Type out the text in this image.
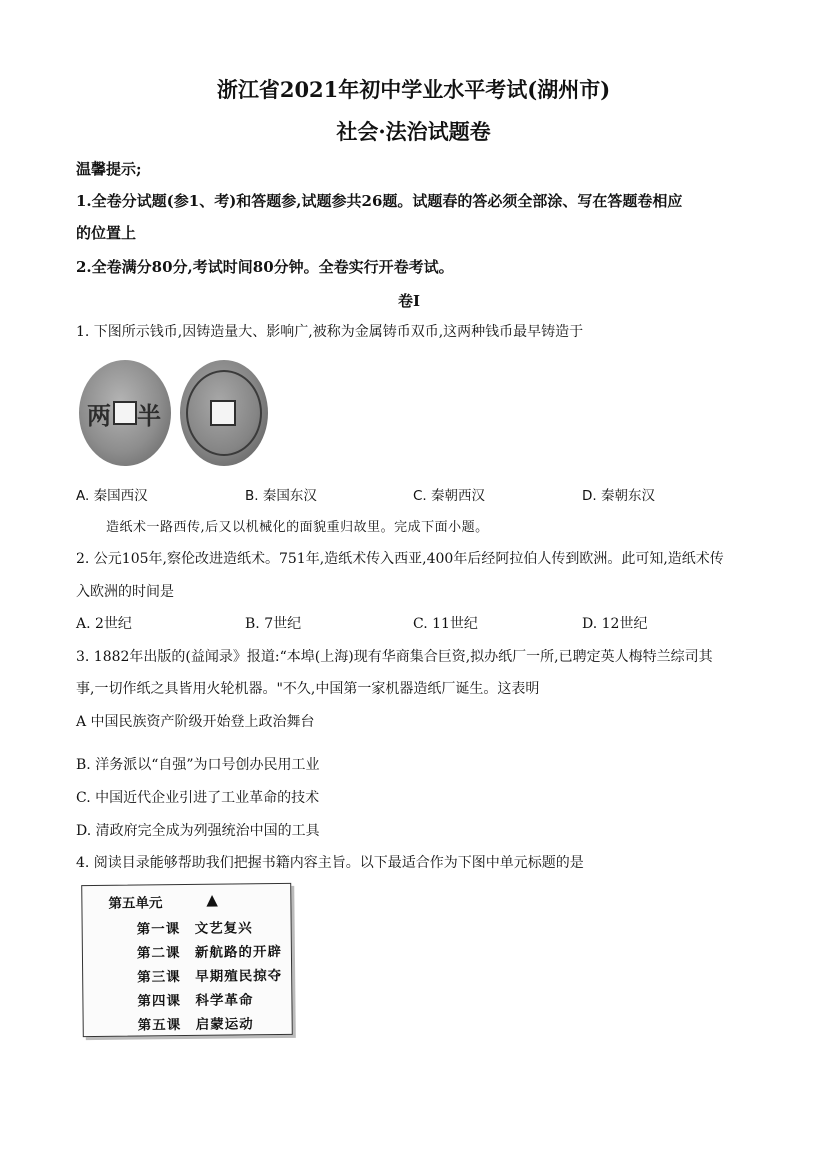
浙江省2021年初中学业水平考试(湖州市)
社会·法治试题卷
温馨提示;
1.全卷分试题(参1、考)和答题参,试题参共26题。试题春的答必须全部涂、写在答题卷相应
的位置上
2.全卷满分80分,考试时间80分钟。全卷实行开卷考试。
卷Ⅰ
1. 下图所示钱币,因铸造量大、影响广,被称为金属铸币双币,这两种钱币最早铸造于
两 半
A. 秦国西汉	B. 秦国东汉	C. 秦朝西汉	D. 秦朝东汉
造纸术一路西传,后又以机械化的面貌重归故里。完成下面小题。
2. 公元105年,察伦改进造纸术。751年,造纸术传入西亚,400年后经阿拉伯人传到欧洲。此可知,造纸术传
入欧洲的时间是
A. 2世纪	B. 7世纪	C. 11世纪	D. 12世纪
3. 1882年出版的(益闻录》报道:“本埠(上海)现有华商集合巨资,拟办纸厂一所,已聘定英人梅特兰综司其
事,一切作纸之具皆用火轮机器。"不久,中国第一家机器造纸厂诞生。这表明
A 中国民族资产阶级开始登上政治舞台
B. 洋务派以“自强”为口号创办民用工业
C. 中国近代企业引进了工业革命的技术
D. 清政府完全成为列强统治中国的工具
4. 阅读目录能够帮助我们把握书籍内容主旨。以下最适合作为下图中单元标题的是
第五单元	▲
第一课 文艺复兴
第二课 新航路的开辟
第三课 早期殖民掠夺
第四课 科学革命
第五课 启蒙运动
